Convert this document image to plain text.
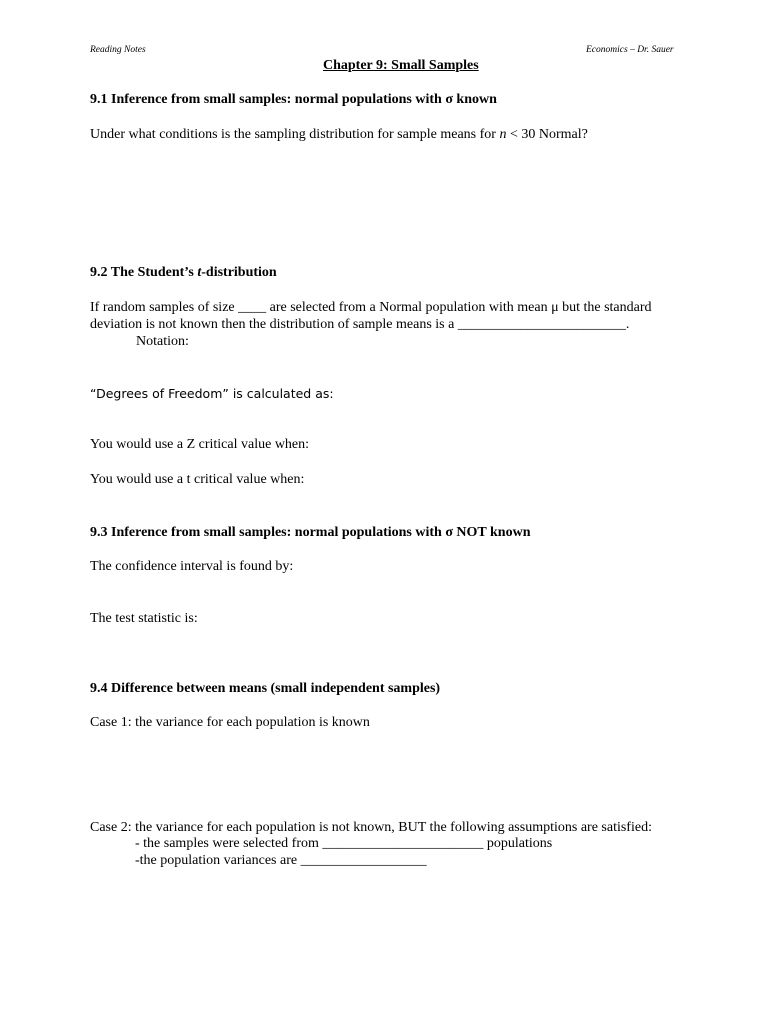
Reading Notes	Economics – Dr. Sauer
Chapter 9: Small Samples
9.1 Inference from small samples: normal populations with σ known
Under what conditions is the sampling distribution for sample means for n < 30 Normal?
9.2 The Student’s t-distribution
If random samples of size ____ are selected from a Normal population with mean μ but the standard
deviation is not known then the distribution of sample means is a ________________________.
Notation:
“Degrees of Freedom” is calculated as:
You would use a Z critical value when:
You would use a t critical value when:
9.3 Inference from small samples: normal populations with σ NOT known
The confidence interval is found by:
The test statistic is:
9.4 Difference between means (small independent samples)
Case 1: the variance for each population is known
Case 2: the variance for each population is not known, BUT the following assumptions are satisfied:
- the samples were selected from _______________________ populations
-the population variances are __________________
